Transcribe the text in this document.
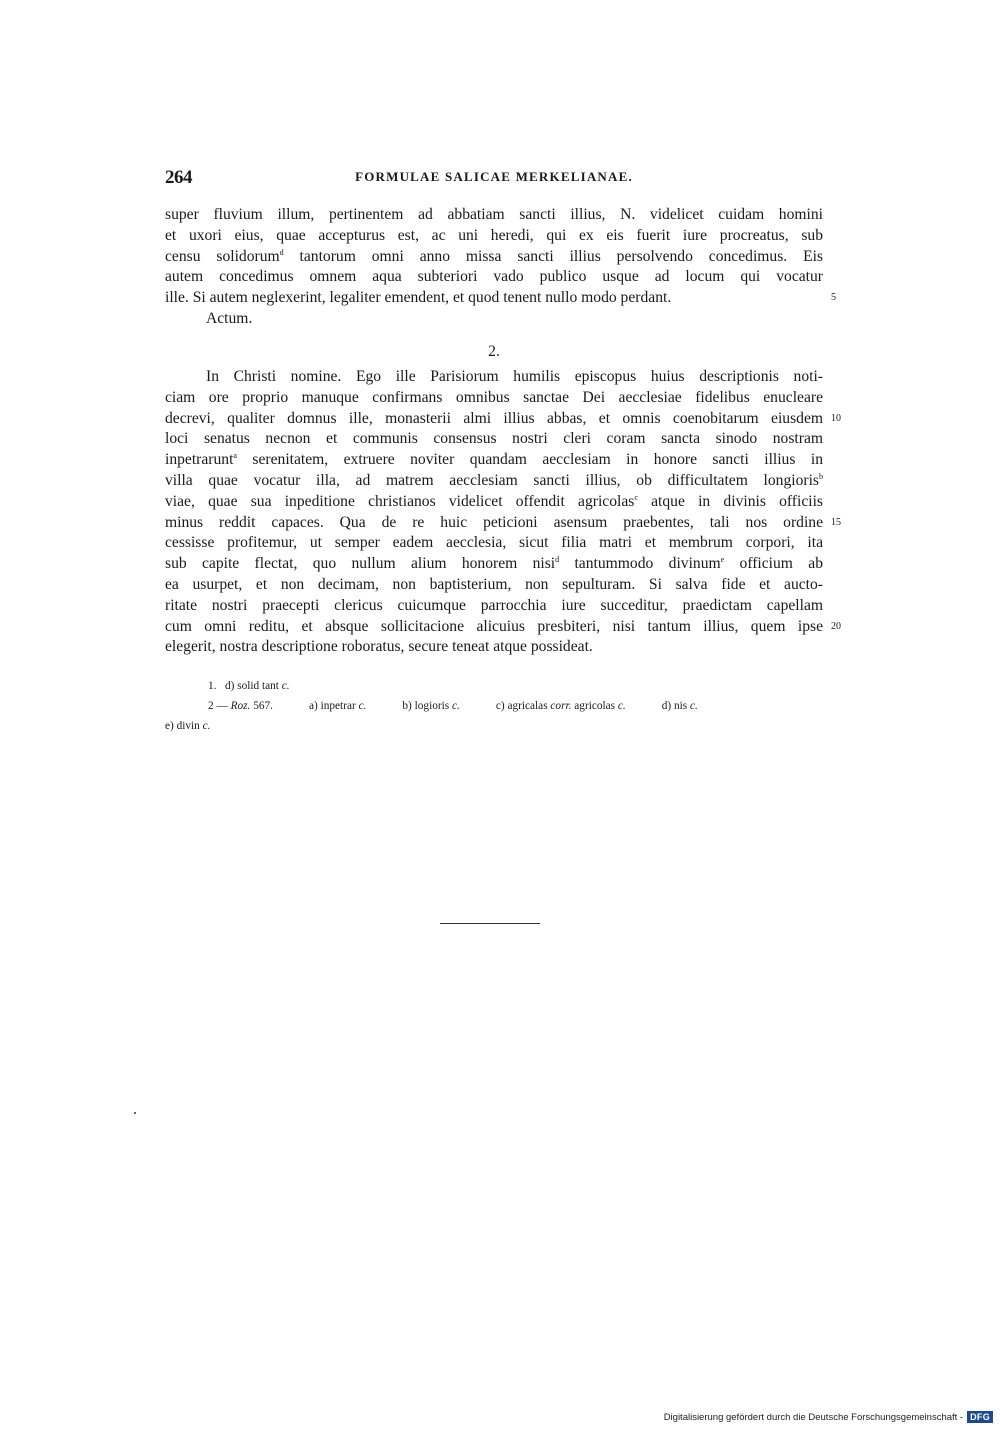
264	FORMULAE SALICAE MERKELIANAE.
super fluvium illum, pertinentem ad abbatiam sancti illius, N. videlicet cuidam homini
et uxori eius, quae accepturus est, ac uni heredi, qui ex eis fuerit iure procreatus, sub
censu solidorum$^d$ tantorum omni anno missa sancti illius persolvendo concedimus. Eis
autem concedimus omnem aqua subteriori vado publico usque ad locum qui vocatur
ille. Si autem neglexerint, legaliter emendent, et quod tenent nullo modo perdant.	5
Actum.
2.
In Christi nomine. Ego ille Parisiorum humilis episcopus huius descriptionis noti-
ciam ore proprio manuque confirmans omnibus sanctae Dei aecclesiae fidelibus enucleare
decrevi, qualiter domnus ille, monasterii almi illius abbas, et omnis coenobitarum eiusdem 10
loci senatus necnon et communis consensus nostri cleri coram sancta sinodo nostram
inpetrarunt$^a$ serenitatem, extruere noviter quandam aecclesiam in honore sancti illius in
villa quae vocatur illa, ad matrem aecclesiam sancti illius, ob difficultatem longioris$^b$
viae, quae sua inpeditione christianos videlicet offendit agricolas$^c$ atque in divinis officiis
minus reddit capaces. Qua de re huic peticioni asensum praebentes, tali nos ordine 15
cessisse profitemur, ut semper eadem aecclesia, sicut filia matri et membrum corpori, ita
sub capite flectat, quo nullum alium honorem nisi$^d$ tantummodo divinum$^e$ officium ab
ea usurpet, et non decimam, non baptisterium, non sepulturam. Si salva fide et aucto-
ritate nostri praecepti clericus cuicumque parrocchia iure succeditur, praedictam capellam
cum omni reditu, et absque sollicitacione alicuius presbiteri, nisi tantum illius, quem ipse 20
elegerit, nostra descriptione roboratus, secure teneat atque possideat.
1. d) solid tant c.
2 — Roz. 567.	a) inpetrar c.	b) logioris c.	c) agricalas corr. agricolas c.	d) nis c.
e) divin c.
Digitalisierung gefördert durch die Deutsche Forschungsgemeinschaft - DFG
